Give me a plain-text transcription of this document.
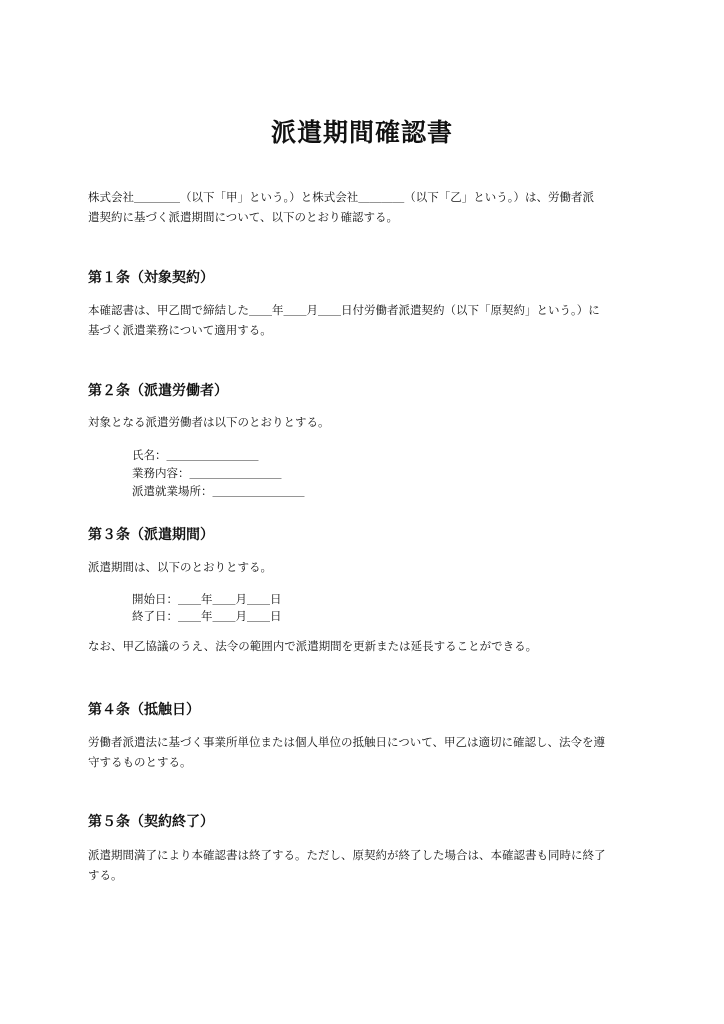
派遣期間確認書

株式会社＿＿＿＿（以下「甲」という。）と株式会社＿＿＿＿（以下「乙」という。）は、労働者派
遣契約に基づく派遣期間について、以下のとおり確認する。

第１条（対象契約）

本確認書は、甲乙間で締結した＿＿年＿＿月＿＿日付労働者派遣契約（以下「原契約」という。）に
基づく派遣業務について適用する。

第２条（派遣労働者）

対象となる派遣労働者は以下のとおりとする。

氏名：＿＿＿＿＿＿＿＿

業務内容：＿＿＿＿＿＿＿＿

派遣就業場所：＿＿＿＿＿＿＿＿

第３条（派遣期間）

派遣期間は、以下のとおりとする。

開始日：＿＿年＿＿月＿＿日

終了日：＿＿年＿＿月＿＿日

なお、甲乙協議のうえ、法令の範囲内で派遣期間を更新または延長することができる。

第４条（抵触日）

労働者派遣法に基づく事業所単位または個人単位の抵触日について、甲乙は適切に確認し、法令を遵
守するものとする。

第５条（契約終了）

派遣期間満了により本確認書は終了する。ただし、原契約が終了した場合は、本確認書も同時に終了
する。
